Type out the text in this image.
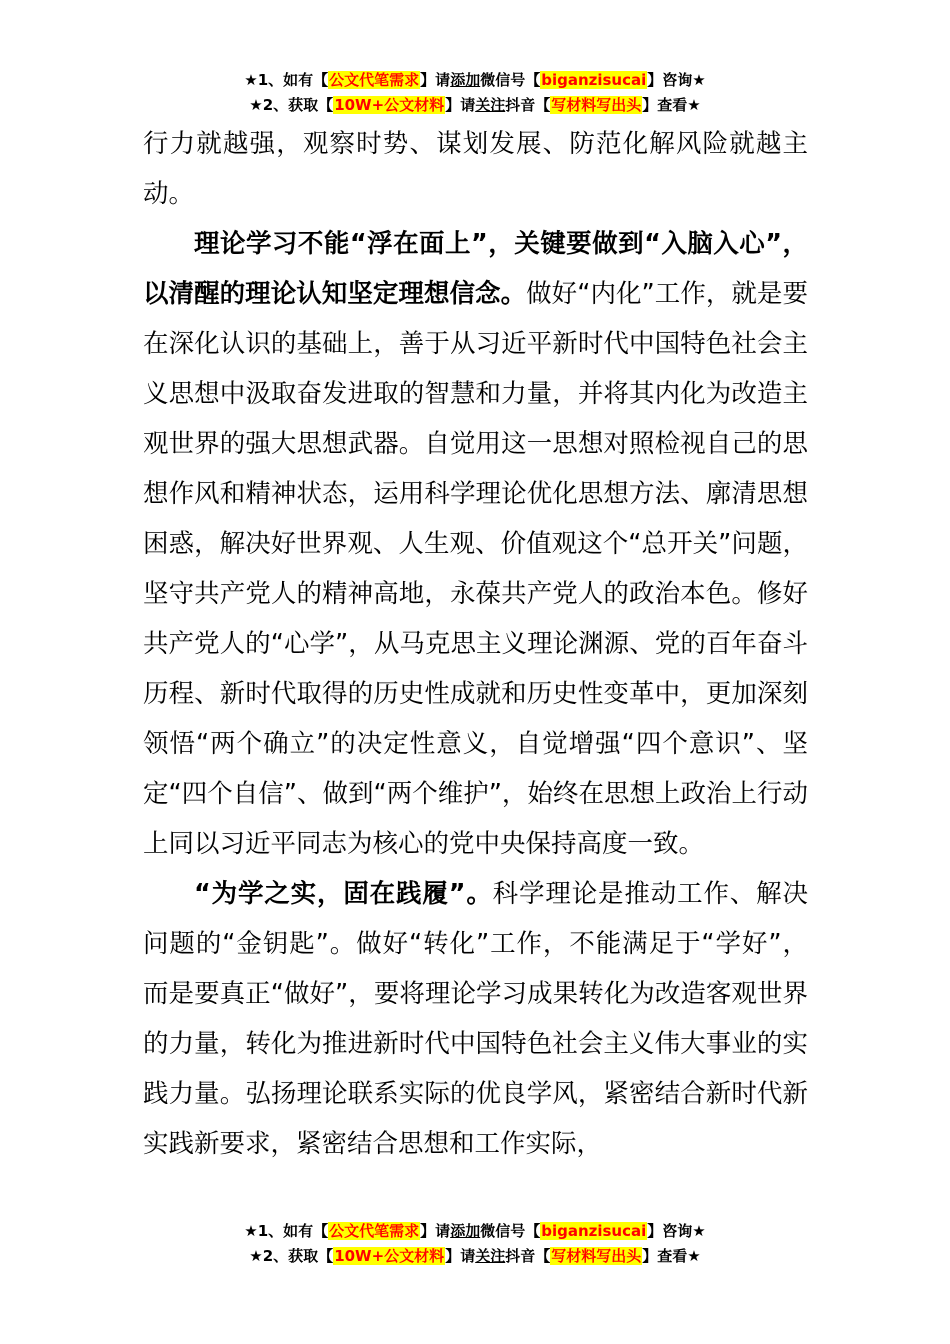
★1、如有【公文代笔需求】请添加微信号【biganzisucai】咨询★
★2、获取【10W+公文材料】请关注抖音【写材料写出头】查看★

行力就越强，观察时势、谋划发展、防范化解风险就越主动。

理论学习不能“浮在面上”，关键要做到“入脑入心”，以清醒的理论认知坚定理想信念。做好“内化”工作，就是要在深化认识的基础上，善于从习近平新时代中国特色社会主义思想中汲取奋发进取的智慧和力量，并将其内化为改造主观世界的强大思想武器。自觉用这一思想对照检视自己的思想作风和精神状态，运用科学理论优化思想方法、廓清思想困惑，解决好世界观、人生观、价值观这个“总开关”问题，坚守共产党人的精神高地，永葆共产党人的政治本色。修好共产党人的“心学”，从马克思主义理论渊源、党的百年奋斗历程、新时代取得的历史性成就和历史性变革中，更加深刻领悟“两个确立”的决定性意义，自觉增强“四个意识”、坚定“四个自信”、做到“两个维护”，始终在思想上政治上行动上同以习近平同志为核心的党中央保持高度一致。

“为学之实，固在践履”。科学理论是推动工作、解决问题的“金钥匙”。做好“转化”工作，不能满足于“学好”，而是要真正“做好”，要将理论学习成果转化为改造客观世界的力量，转化为推进新时代中国特色社会主义伟大事业的实践力量。弘扬理论联系实际的优良学风，紧密结合新时代新实践新要求，紧密结合思想和工作实际，

★1、如有【公文代笔需求】请添加微信号【biganzisucai】咨询★
★2、获取【10W+公文材料】请关注抖音【写材料写出头】查看★
